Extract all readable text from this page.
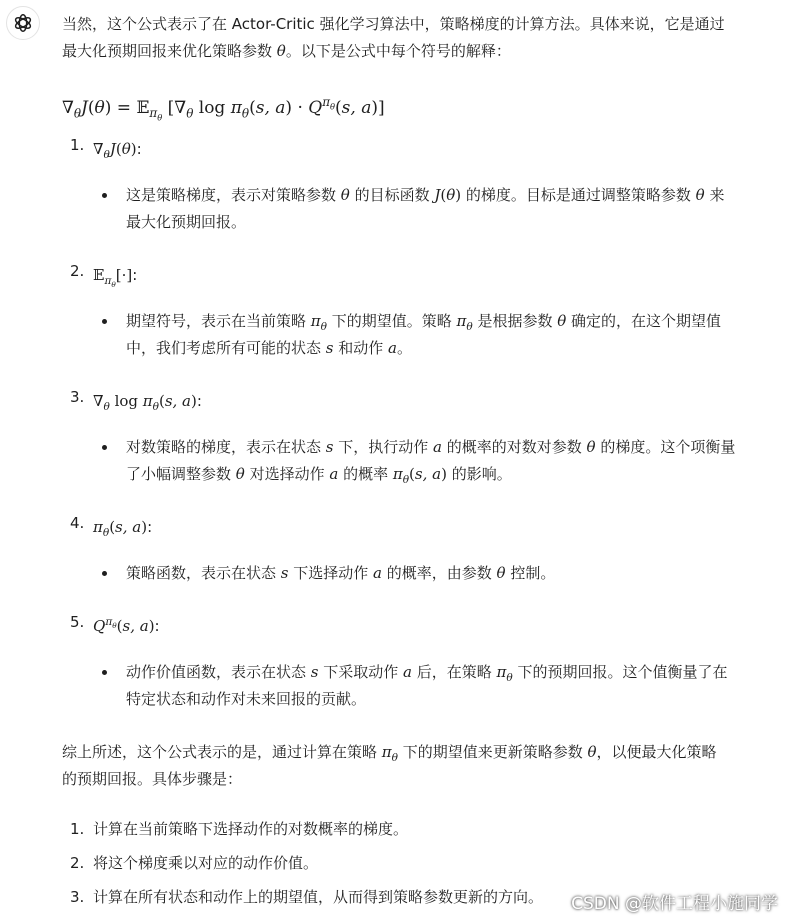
当然，这个公式表示了在 Actor-Critic 强化学习算法中，策略梯度的计算方法。具体来说，它是通过
最大化预期回报来优化策略参数 θ。以下是公式中每个符号的解释：

$\nabla_\theta J(\theta)$ = 𝔼$_{\pi_\theta}$ [$\nabla_\theta$ $\log \pi_\theta(s$, $a) \cdot Q^{\pi_\theta}(s$, a)]
1. $\nabla_\theta J(\theta)$:

这是策略梯度，表示对策略参数 θ 的目标函数 J(θ) 的梯度。目标是通过调整策略参数 θ 来
最大化预期回报。

2. 𝔼$_{\pi_\theta}$[·]:

期望符号，表示在当前策略 $\pi_\theta$ 下的期望值。策略 $\pi_\theta$ 是根据参数 θ 确定的，在这个期望值
中，我们考虑所有可能的状态 s 和动作 a。

3. $\nabla_\theta$ $\log \pi_\theta(s$, a):

对数策略的梯度，表示在状态 s 下，执行动作 a 的概率的对数对参数 θ 的梯度。这个项衡量
了小幅调整参数 θ 对选择动作 a 的概率 $\pi_\theta(s$, a) 的影响。

4. $\pi_\theta(s$, a):

策略函数，表示在状态 s 下选择动作 a 的概率，由参数 θ 控制。

5. $Q^{\pi_\theta}(s$, a):

动作价值函数，表示在状态 s 下采取动作 a 后，在策略 $\pi_\theta$ 下的预期回报。这个值衡量了在
特定状态和动作对未来回报的贡献。

综上所述，这个公式表示的是，通过计算在策略 $\pi_\theta$ 下的期望值来更新策略参数 θ，以便最大化策略
的预期回报。具体步骤是：

1. 计算在当前策略下选择动作的对数概率的梯度。
2. 将这个梯度乘以对应的动作价值。
3. 计算在所有状态和动作上的期望值，从而得到策略参数更新的方向。	CSDN @软件工程小施同学
